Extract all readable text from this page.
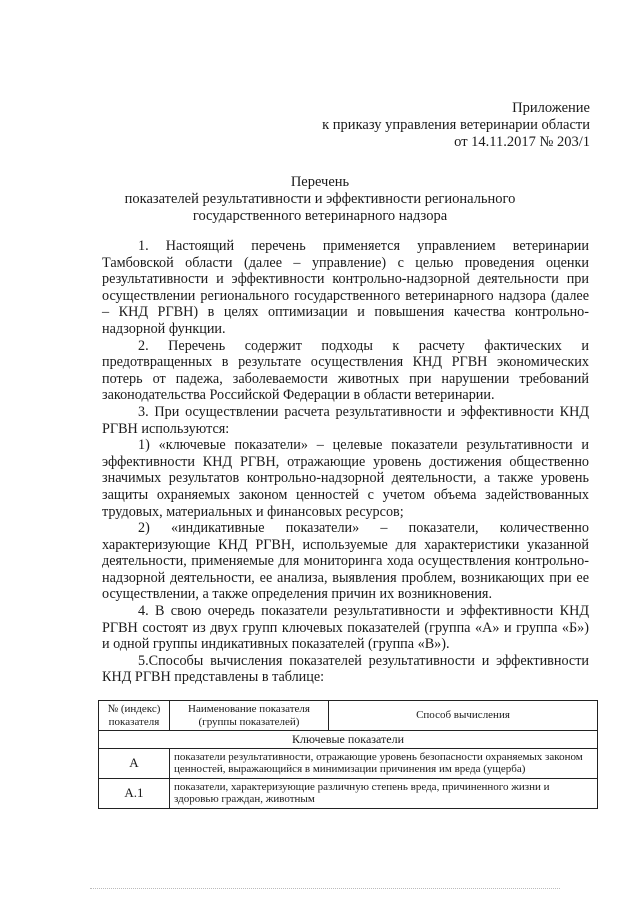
Приложение
к приказу управления ветеринарии области
от 14.11.2017 № 203/1
Перечень
показателей результативности и эффективности регионального
государственного ветеринарного надзора

1. Настоящий перечень применяется управлением ветеринарии Тамбовской области (далее – управление) с целью проведения оценки результативности и эффективности контрольно-надзорной деятельности при осуществлении регионального государственного ветеринарного надзора (далее – КНД РГВН) в целях оптимизации и повышения качества контрольно-надзорной функции.

2. Перечень содержит подходы к расчету фактических и предотвращенных в результате осуществления КНД РГВН экономических потерь от падежа, заболеваемости животных при нарушении требований законодательства Российской Федерации в области ветеринарии.

3. При осуществлении расчета результативности и эффективности КНД РГВН используются:

1) «ключевые показатели» – целевые показатели результативности и эффективности КНД РГВН, отражающие уровень достижения общественно значимых результатов контрольно-надзорной деятельности, а также уровень защиты охраняемых законом ценностей с учетом объема задействованных трудовых, материальных и финансовых ресурсов;

2) «индикативные показатели» – показатели, количественно характеризующие КНД РГВН, используемые для характеристики указанной деятельности, применяемые для мониторинга хода осуществления контрольно-надзорной деятельности, ее анализа, выявления проблем, возникающих при ее осуществлении, а также определения причин их возникновения.

4. В свою очередь показатели результативности и эффективности КНД РГВН состоят из двух групп ключевых показателей (группа «А» и группа «Б») и одной группы индикативных показателей (группа «В»).

5.Способы вычисления показателей результативности и эффективности КНД РГВН представлены в таблице:

№ (индекс) показателя	Наименование показателя (группы показателей)	Способ вычисления
Ключевые показатели		
А	показатели результативности, отражающие уровень безопасности охраняемых законом ценностей, выражающийся в минимизации причинения им вреда (ущерба)	
А.1	показатели, характеризующие различную степень вреда, причиненного жизни и здоровью граждан, животным	
